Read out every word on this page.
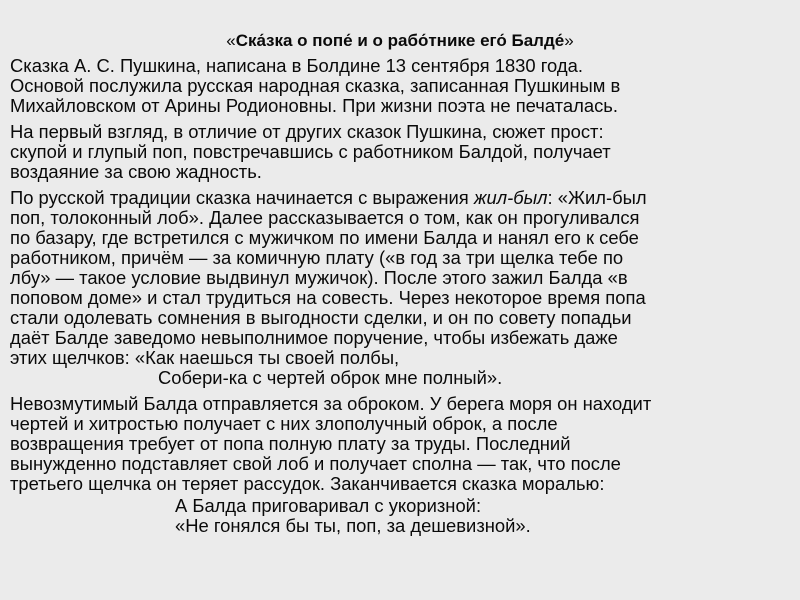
«Ска́зка о попе́ и о рабо́тнике его́ Балде́»

Сказка А. С. Пушкина, написана в Болдине 13 сентября 1830 года.
Основой послужила русская народная сказка, записанная Пушкиным в
Михайловском от Арины Родионовны. При жизни поэта не печаталась.

На первый взгляд, в отличие от других сказок Пушкина, сюжет прост:
скупой и глупый поп, повстречавшись с работником Балдой, получает
воздаяние за свою жадность.

По русской традиции сказка начинается с выражения жил-был: «Жил-был
поп, толоконный лоб». Далее рассказывается о том, как он прогуливался
по базару, где встретился с мужичком по имени Балда и нанял его к себе
работником, причём — за комичную плату («в год за три щелка тебе по
лбу» — такое условие выдвинул мужичок). После этого зажил Балда «в
поповом доме» и стал трудиться на совесть. Через некоторое время попа
стали одолевать сомнения в выгодности сделки, и он по совету попадьи
даёт Балде заведомо невыполнимое поручение, чтобы избежать даже
этих щелчков: «Как наешься ты своей полбы,
Собери-ка с чертей оброк мне полный».

Невозмутимый Балда отправляется за оброком. У берега моря он находит
чертей и хитростью получает с них злополучный оброк, а после
возвращения требует от попа полную плату за труды. Последний
вынужденно подставляет свой лоб и получает сполна — так, что после
третьего щелчка он теряет рассудок. Заканчивается сказка моралью:

А Балда приговаривал с укоризной:
«Не гонялся бы ты, поп, за дешевизной».
